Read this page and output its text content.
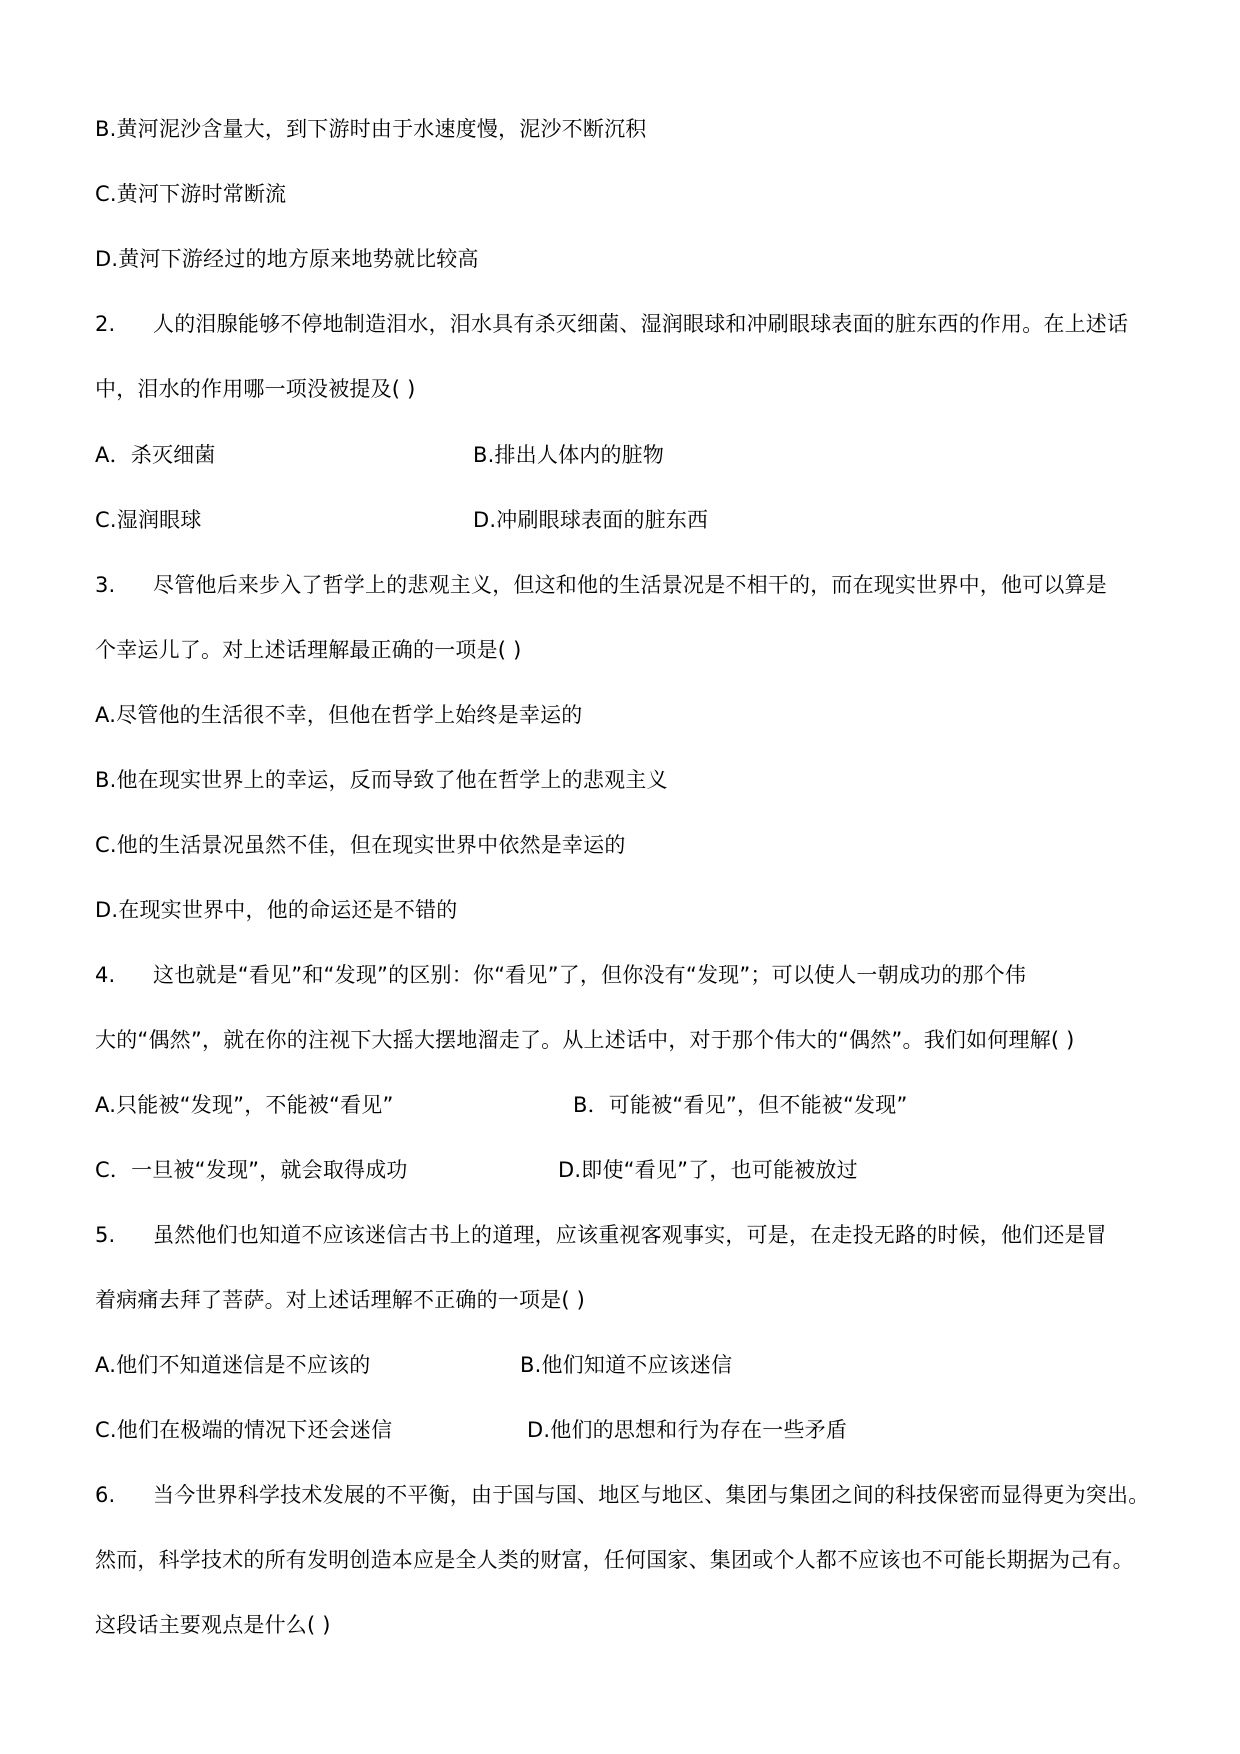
B.黄河泥沙含量大，到下游时由于水速度慢，泥沙不断沉积
C.黄河下游时常断流
D.黄河下游经过的地方原来地势就比较高
2. 人的泪腺能够不停地制造泪水，泪水具有杀灭细菌、湿润眼球和冲刷眼球表面的脏东西的作用。在上述话
中，泪水的作用哪一项没被提及( )
A．杀灭细菌	B.排出人体内的脏物
C.湿润眼球	D.冲刷眼球表面的脏东西
3. 尽管他后来步入了哲学上的悲观主义，但这和他的生活景况是不相干的，而在现实世界中，他可以算是
个幸运儿了。对上述话理解最正确的一项是( )
A.尽管他的生活很不幸，但他在哲学上始终是幸运的
B.他在现实世界上的幸运，反而导致了他在哲学上的悲观主义
C.他的生活景况虽然不佳，但在现实世界中依然是幸运的
D.在现实世界中，他的命运还是不错的
4. 这也就是“看见”和“发现”的区别：你“看见”了，但你没有“发现”；可以使人一朝成功的那个伟
大的“偶然”，就在你的注视下大摇大摆地溜走了。从上述话中，对于那个伟大的“偶然”。我们如何理解( )
A.只能被“发现”，不能被“看见”	B．可能被“看见”，但不能被“发现”
C．一旦被“发现”，就会取得成功	D.即使“看见”了，也可能被放过
5. 虽然他们也知道不应该迷信古书上的道理，应该重视客观事实，可是，在走投无路的时候，他们还是冒
着病痛去拜了菩萨。对上述话理解不正确的一项是( )
A.他们不知道迷信是不应该的	B.他们知道不应该迷信
C.他们在极端的情况下还会迷信	D.他们的思想和行为存在一些矛盾
6. 当今世界科学技术发展的不平衡，由于国与国、地区与地区、集团与集团之间的科技保密而显得更为突出。
然而，科学技术的所有发明创造本应是全人类的财富，任何国家、集团或个人都不应该也不可能长期据为己有。
这段话主要观点是什么( )
